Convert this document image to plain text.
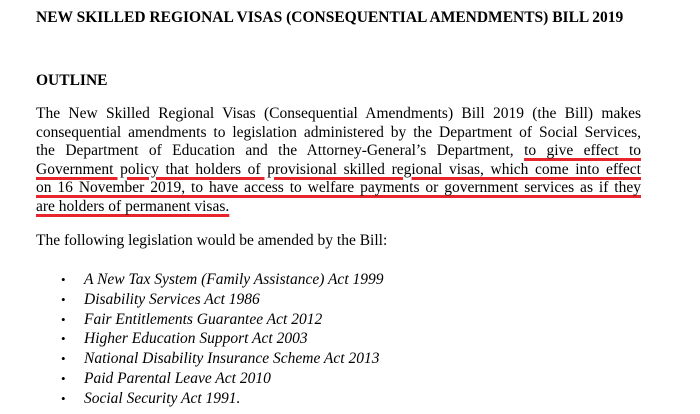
NEW SKILLED REGIONAL VISAS (CONSEQUENTIAL AMENDMENTS) BILL 2019
OUTLINE
The New Skilled Regional Visas (Consequential Amendments) Bill 2019 (the Bill) makes
consequential amendments to legislation administered by the Department of Social Services,
the Department of Education and the Attorney-General’s Department, to give effect to
Government policy that holders of provisional skilled regional visas, which come into effect
on 16 November 2019, to have access to welfare payments or government services as if they
are holders of permanent visas.

The following legislation would be amended by the Bill:

• A New Tax System (Family Assistance) Act 1999
• Disability Services Act 1986
• Fair Entitlements Guarantee Act 2012
• Higher Education Support Act 2003
• National Disability Insurance Scheme Act 2013
• Paid Parental Leave Act 2010
• Social Security Act 1991.
